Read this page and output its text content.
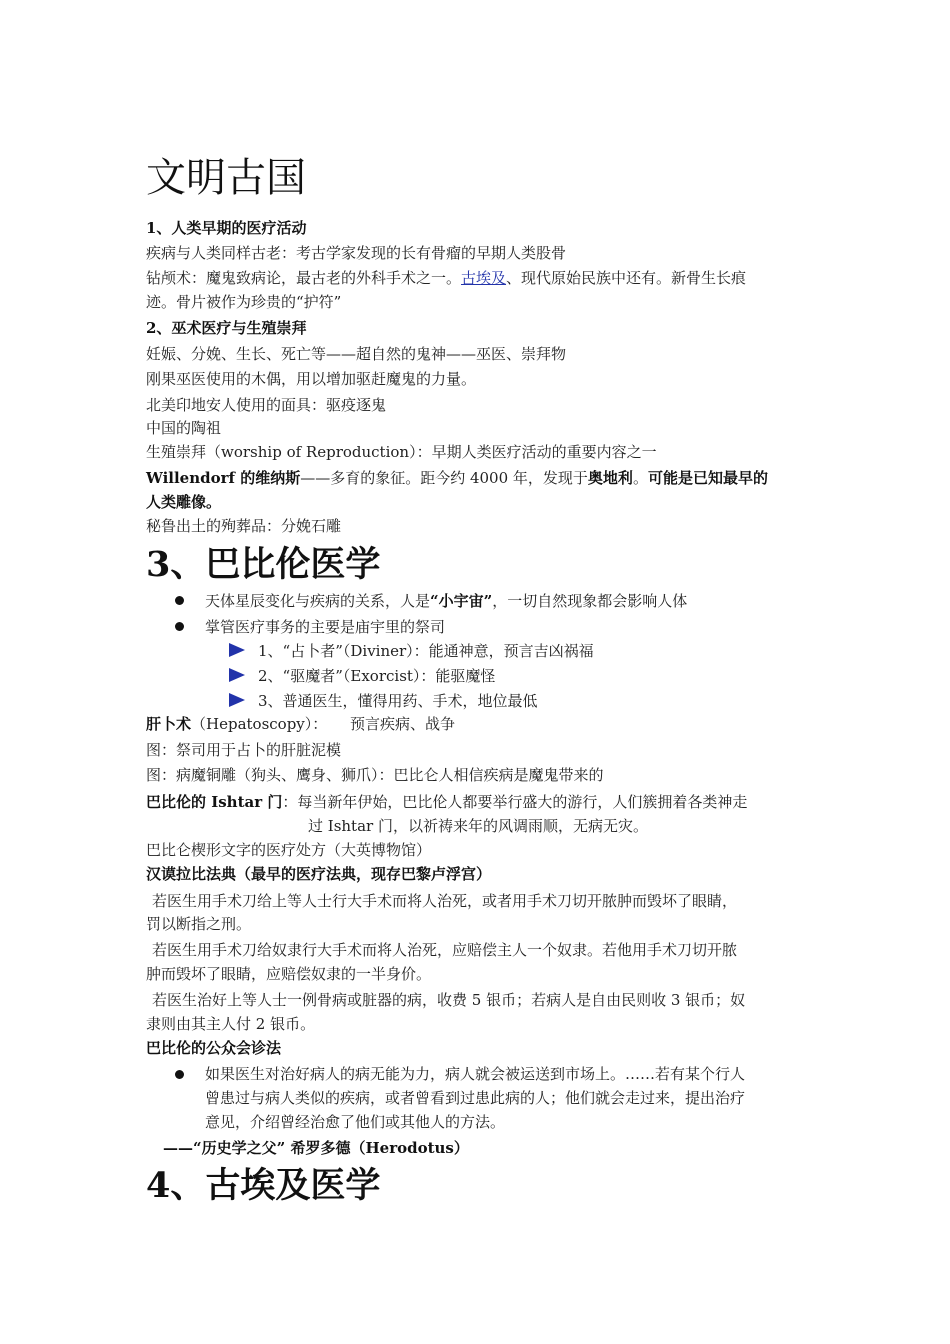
文明古国
1、人类早期的医疗活动
疾病与人类同样古老：考古学家发现的长有骨瘤的早期人类股骨
钻颅术：魔鬼致病论，最古老的外科手术之一。古埃及、现代原始民族中还有。新骨生长痕
迹。骨片被作为珍贵的“护符”
2、巫术医疗与生殖崇拜
妊娠、分娩、生长、死亡等——超自然的鬼神——巫医、崇拜物
刚果巫医使用的木偶，用以增加驱赶魔鬼的力量。
北美印地安人使用的面具：驱疫逐鬼
中国的陶祖
生殖崇拜（worship of Reproduction）：早期人类医疗活动的重要内容之一
Willendorf 的维纳斯——多育的象征。距今约 4000 年，发现于奥地利。可能是已知最早的
人类雕像。
秘鲁出土的殉葬品：分娩石雕
3、巴比伦医学
天体星辰变化与疾病的关系，人是“小宇宙”，一切自然现象都会影响人体
掌管医疗事务的主要是庙宇里的祭司
1、“占卜者”（Diviner）：能通神意，预言吉凶祸福
2、“驱魔者”（Exorcist）：能驱魔怪
3、普通医生，懂得用药、手术，地位最低
肝卜术（Hepatoscopy）： 预言疾病、战争
图：祭司用于占卜的肝脏泥模
图：病魔铜雕（狗头、鹰身、狮爪）：巴比仑人相信疾病是魔鬼带来的
巴比伦的 Ishtar 门：每当新年伊始，巴比伦人都要举行盛大的游行，人们簇拥着各类神走
过 Ishtar 门，以祈祷来年的风调雨顺，无病无灾。
巴比仑楔形文字的医疗处方（大英博物馆）
汉谟拉比法典（最早的医疗法典，现存巴黎卢浮宫）
若医生用手术刀给上等人士行大手术而将人治死，或者用手术刀切开脓肿而毁坏了眼睛，
罚以断指之刑。
若医生用手术刀给奴隶行大手术而将人治死，应赔偿主人一个奴隶。若他用手术刀切开脓
肿而毁坏了眼睛，应赔偿奴隶的一半身价。
若医生治好上等人士一例骨病或脏器的病，收费 5 银币；若病人是自由民则收 3 银币；奴
隶则由其主人付 2 银币。
巴比伦的公众会诊法
如果医生对治好病人的病无能为力，病人就会被运送到市场上。……若有某个行人
曾患过与病人类似的疾病，或者曾看到过患此病的人；他们就会走过来，提出治疗
意见，介绍曾经治愈了他们或其他人的方法。
——“历史学之父” 希罗多德（Herodotus）
4、古埃及医学
